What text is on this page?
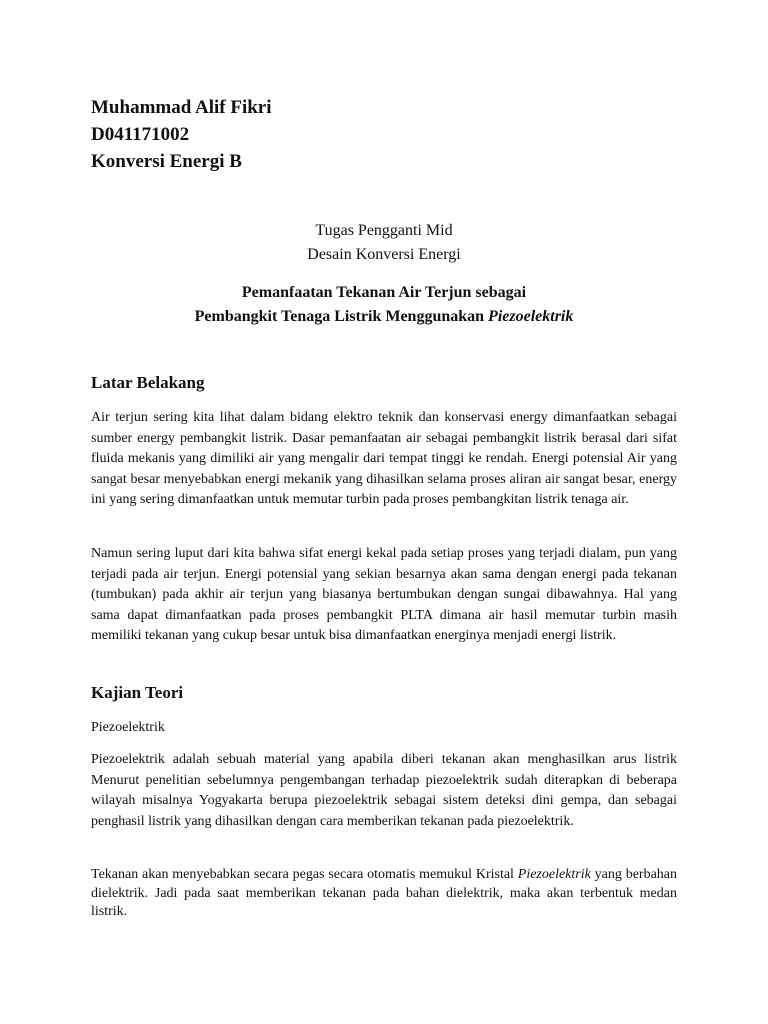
Muhammad Alif Fikri
D041171002
Konversi Energi B
Tugas Pengganti Mid
Desain Konversi Energi
Pemanfaatan Tekanan Air Terjun sebagai
Pembangkit Tenaga Listrik Menggunakan Piezoelektrik
Latar Belakang
Air terjun sering kita lihat dalam bidang elektro teknik dan konservasi energy dimanfaatkan sebagai sumber energy pembangkit listrik. Dasar pemanfaatan air sebagai pembangkit listrik berasal dari sifat fluida mekanis yang dimiliki air yang mengalir dari tempat tinggi ke rendah. Energi potensial Air yang sangat besar menyebabkan energi mekanik yang dihasilkan selama proses aliran air sangat besar, energy ini yang sering dimanfaatkan untuk memutar turbin pada proses pembangkitan listrik tenaga air.
Namun sering luput dari kita bahwa sifat energi kekal pada setiap proses yang terjadi dialam, pun yang terjadi pada air terjun. Energi potensial yang sekian besarnya akan sama dengan energi pada tekanan (tumbukan) pada akhir air terjun yang biasanya bertumbukan dengan sungai dibawahnya. Hal yang sama dapat dimanfaatkan pada proses pembangkit PLTA dimana air hasil memutar turbin masih memiliki tekanan yang cukup besar untuk bisa dimanfaatkan energinya menjadi energi listrik.
Kajian Teori
Piezoelektrik
Piezoelektrik adalah sebuah material yang apabila diberi tekanan akan menghasilkan arus listrik Menurut penelitian sebelumnya pengembangan terhadap piezoelektrik sudah diterapkan di beberapa wilayah misalnya Yogyakarta berupa piezoelektrik sebagai sistem deteksi dini gempa, dan sebagai penghasil listrik yang dihasilkan dengan cara memberikan tekanan pada piezoelektrik.
Tekanan akan menyebabkan secara pegas secara otomatis memukul Kristal Piezoelektrik yang berbahan dielektrik. Jadi pada saat memberikan tekanan pada bahan dielektrik, maka akan terbentuk medan listrik.
